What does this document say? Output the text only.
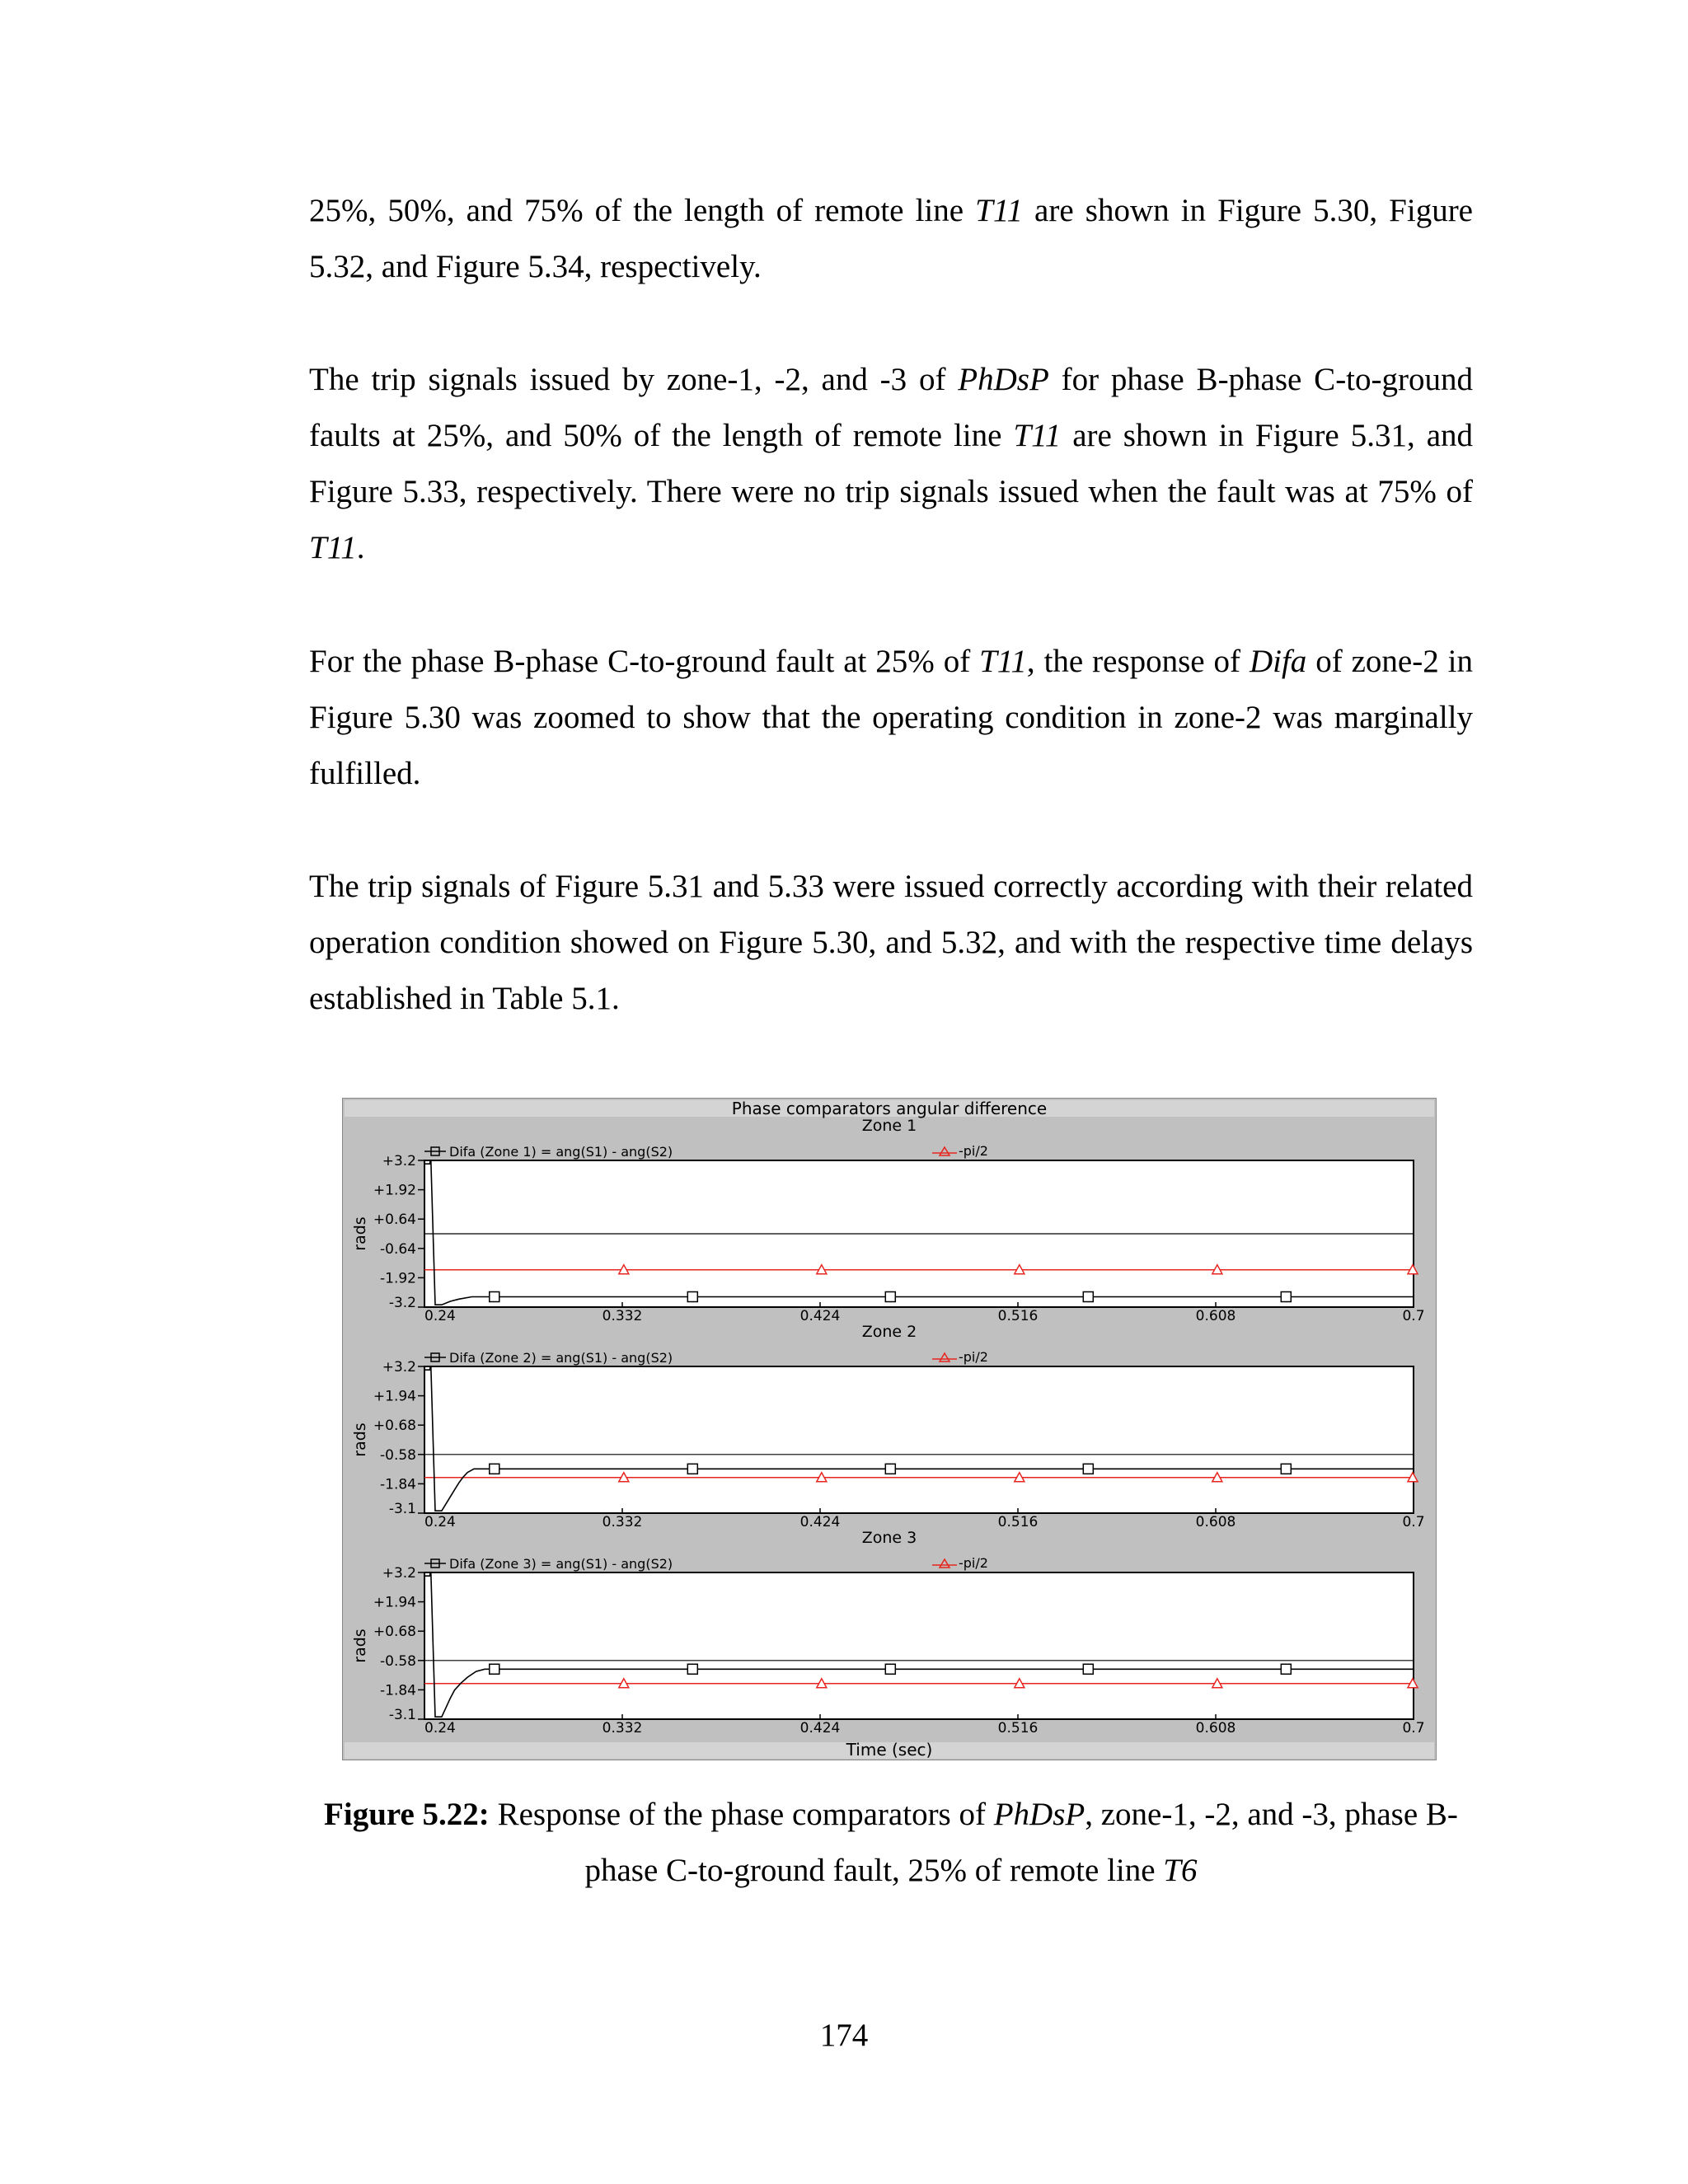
25%, 50%, and 75% of the length of remote line T11 are shown in Figure 5.30, Figure 5.32, and Figure 5.34, respectively.

The trip signals issued by zone-1, -2, and -3 of PhDsP for phase B-phase C-to-ground faults at 25%, and 50% of the length of remote line T11 are shown in Figure 5.31, and Figure 5.33, respectively. There were no trip signals issued when the fault was at 75% of T11.

For the phase B-phase C-to-ground fault at 25% of T11, the response of Difa of zone-2 in Figure 5.30 was zoomed to show that the operating condition in zone-2 was marginally fulfilled.

The trip signals of Figure 5.31 and 5.33 were issued correctly according with their related operation condition showed on Figure 5.30, and 5.32, and with the respective time delays established in Table 5.1.

Phase comparators angular difference
Time (sec)
Zone 1
Difa (Zone 1) = ang(S1) - ang(S2)	-pi/2
+3.2
+1.92
+0.64
-0.64
-1.92
-3.2
0.24	0.332	0.424	0.516	0.608	0.7
rads
Zone 2
Difa (Zone 2) = ang(S1) - ang(S2)	-pi/2
+3.2
+1.94
+0.68
-0.58
-1.84
-3.1
0.24	0.332	0.424	0.516	0.608	0.7
rads
Zone 3
Difa (Zone 3) = ang(S1) - ang(S2)	-pi/2
+3.2
+1.94
+0.68
-0.58
-1.84
-3.1
0.24	0.332	0.424	0.516	0.608	0.7
rads
Figure 5.22: Response of the phase comparators of PhDsP, zone-1, -2, and -3, phase B-phase C-to-ground fault, 25% of remote line T6
174
